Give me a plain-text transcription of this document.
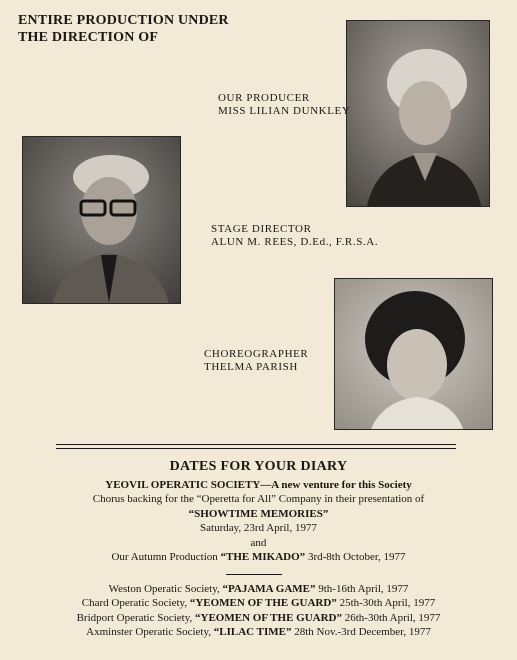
ENTIRE PRODUCTION UNDER
THE DIRECTION OF
OUR PRODUCER
MISS LILIAN DUNKLEY
STAGE DIRECTOR
ALUN M. REES, D.Ed., F.R.S.A.
CHOREOGRAPHER
THELMA PARISH
DATES FOR YOUR DIARY
YEOVIL OPERATIC SOCIETY—A new venture for this Society
Chorus backing for the “Operetta for All” Company in their presentation of
“SHOWTIME MEMORIES”
Saturday, 23rd April, 1977
and
Our Autumn Production “THE MIKADO” 3rd-8th October, 1977
Weston Operatic Society, “PAJAMA GAME” 9th-16th April, 1977
Chard Operatic Society, “YEOMEN OF THE GUARD” 25th-30th April, 1977
Bridport Operatic Society, “YEOMEN OF THE GUARD” 26th-30th April, 1977
Axminster Operatic Society, “LILAC TIME” 28th Nov.-3rd December, 1977
